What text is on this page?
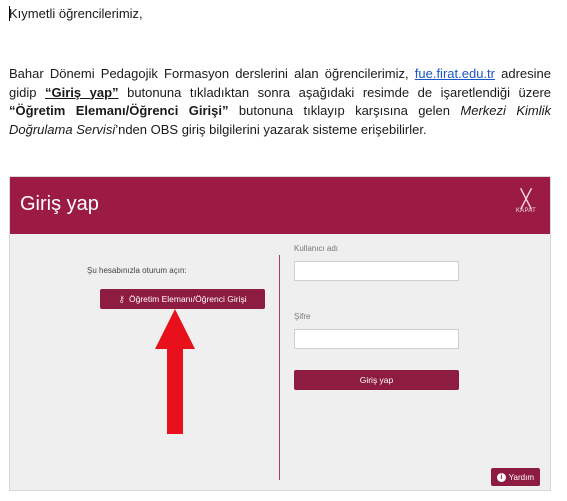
Kıymetli öğrencilerimiz,

Bahar Dönemi Pedagojik Formasyon derslerini alan öğrencilerimiz, fue.firat.edu.tr adresine gidip “Giriş yap” butonuna tıkladıktan sonra aşağıdaki resimde de işaretlendiği üzere “Öğretim Elemanı/Öğrenci Girişi” butonuna tıklayıp karşısına gelen Merkezi Kimlik Doğrulama Servisi’nden OBS giriş bilgilerini yazarak sisteme erişebilirler.

Giriş yap	╳
KAPAT
Şu hesabınızla oturum açın:
⚷ Öğretim Elemanı/Öğrenci Girişi
Kullanıcı adı
Şifre
Giriş yap
i Yardım
